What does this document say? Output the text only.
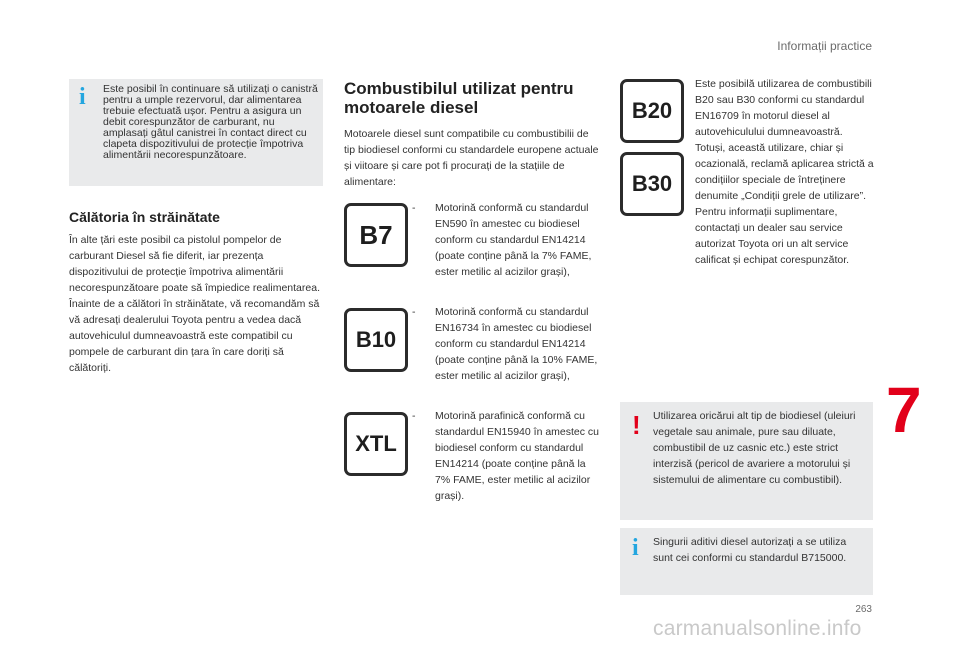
Informații practice
263
7
carmanualsonline.info
i Este posibil în continuare să utilizați o canistră pentru a umple rezervorul, dar alimentarea trebuie efectuată ușor. Pentru a asigura un debit corespunzător de carburant, nu amplasați gâtul canistrei în contact direct cu clapeta dispozitivului de protecție împotriva alimentării necorespunzătoare.
Călătoria în străinătate
În alte țări este posibil ca pistolul pompelor de carburant Diesel să fie diferit, iar prezența dispozitivului de protecție împotriva alimentării necorespunzătoare poate să împiedice realimentarea.
Înainte de a călători în străinătate, vă recomandăm să vă adresați dealerului Toyota pentru a vedea dacă autovehiculul dumneavoastră este compatibil cu pompele de carburant din țara în care doriți să călătoriți.
Combustibilul utilizat pentru motoarele diesel
Motoarele diesel sunt compatibile cu combustibilii de tip biodiesel conformi cu standardele europene actuale și viitoare și care pot fi procurați de la stațiile de alimentare:
B7
- Motorină conformă cu standardul EN590 în amestec cu biodiesel conform cu standardul EN14214 (poate conține până la 7% FAME, ester metilic al acizilor grași),
B10
- Motorină conformă cu standardul EN16734 în amestec cu biodiesel conform cu standardul EN14214 (poate conține până la 10% FAME, ester metilic al acizilor grași),
XTL
- Motorină parafinică conformă cu standardul EN15940 în amestec cu biodiesel conform cu standardul EN14214 (poate conține până la 7% FAME, ester metilic al acizilor grași).
B20
B30
Este posibilă utilizarea de combustibili B20 sau B30 conformi cu standardul EN16709 în motorul diesel al autovehiculului dumneavoastră. Totuși, această utilizare, chiar și ocazională, reclamă aplicarea strictă a condițiilor speciale de întreținere denumite „Condiții grele de utilizare”.
Pentru informații suplimentare, contactați un dealer sau service autorizat Toyota ori un alt service calificat și echipat corespunzător.
! Utilizarea oricărui alt tip de biodiesel (uleiuri vegetale sau animale, pure sau diluate, combustibil de uz casnic etc.) este strict interzisă (pericol de avariere a motorului și sistemului de alimentare cu combustibil).
i Singurii aditivi diesel autorizați a se utiliza sunt cei conformi cu standardul B715000.
